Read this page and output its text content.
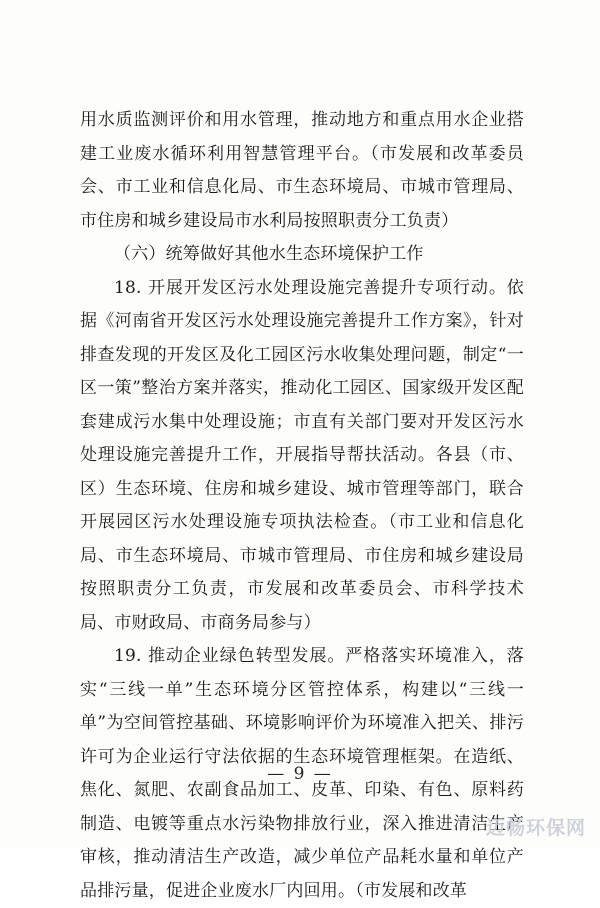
用水质监测评价和用水管理，推动地方和重点用水企业搭建工业废水循环利用智慧管理平台。（市发展和改革委员会、市工业和信息化局、市生态环境局、市城市管理局、市住房和城乡建设局市水利局按照职责分工负责）

（六）统筹做好其他水生态环境保护工作

18. 开展开发区污水处理设施完善提升专项行动。依据《河南省开发区污水处理设施完善提升工作方案》，针对排查发现的开发区及化工园区污水收集处理问题，制定“一区一策”整治方案并落实，推动化工园区、国家级开发区配套建成污水集中处理设施；市直有关部门要对开发区污水处理设施完善提升工作，开展指导帮扶活动。各县（市、区）生态环境、住房和城乡建设、城市管理等部门，联合开展园区污水处理设施专项执法检查。（市工业和信息化局、市生态环境局、市城市管理局、市住房和城乡建设局按照职责分工负责，市发展和改革委员会、市科学技术局、市财政局、市商务局参与）

19. 推动企业绿色转型发展。严格落实环境准入，落实“三线一单”生态环境分区管控体系，构建以“三线一单”为空间管控基础、环境影响评价为环境准入把关、排污许可为企业运行守法依据的生态环境管理框架。在造纸、焦化、氮肥、农副食品加工、皮革、印染、有色、原料药制造、电镀等重点水污染物排放行业，深入推进清洁生产审核，推动清洁生产改造，减少单位产品耗水量和单位产品排污量，促进企业废水厂内回用。（市发展和改革

— 9 —
迈畅环保网
